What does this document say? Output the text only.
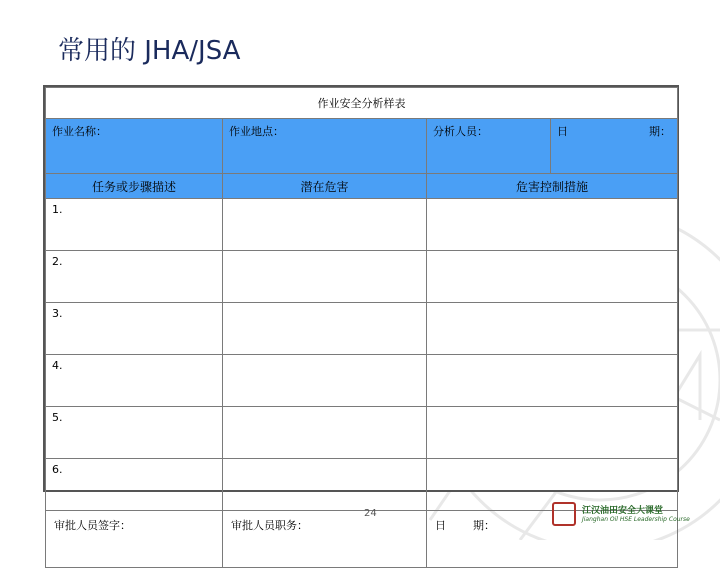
常用的 JHA/JSA
作业安全分析样表			
作业名称：	作业地点：	分析人员：	日 期：

任务或步骤描述	潜在危害	危害控制措施	
1.			
2.			
3.			
4.			
5.			
6.			
审批人员签字：	审批人员职务：	日 期：	
24	江汉油田安全大课堂
Jianghan Oil HSE Leadership Course
